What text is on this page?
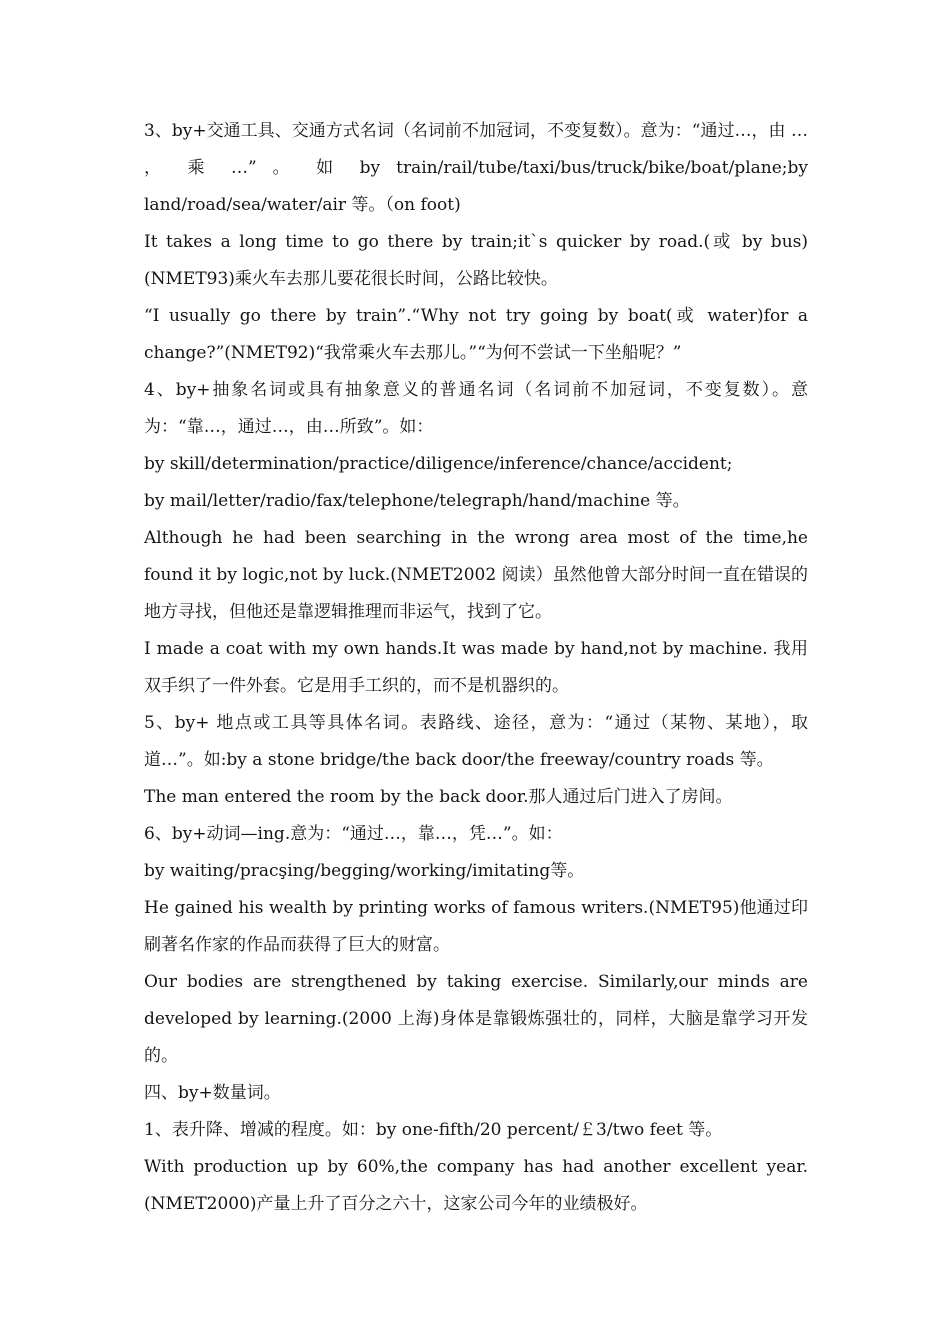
3、by+交通工具、交通方式名词（名词前不加冠词，不变复数）。意为：“通过…，由 … ， 乘 …” 。 如 by train/rail/tube/taxi/bus/truck/bike/boat/plane;by land/road/sea/water/air 等。（on foot)

It takes a long time to go there by train;it`s quicker by road.(或 by bus)(NMET93)乘火车去那儿要花很长时间，公路比较快。

“I usually go there by train”.“Why not try going by boat(或 water)for a change?”(NMET92)“我常乘火车去那儿。”“为何不尝试一下坐船呢？”

4、by+抽象名词或具有抽象意义的普通名词（名词前不加冠词，不变复数）。意为：“靠…，通过…，由…所致”。如：

by skill/determination/practice/diligence/inference/chance/accident;

by mail/letter/radio/fax/telephone/telegraph/hand/machine 等。

Although he had been searching in the wrong area most of the time,he found it by logic,not by luck.(NMET2002 阅读）虽然他曾大部分时间一直在错误的地方寻找，但他还是靠逻辑推理而非运气，找到了它。

I made a coat with my own hands.It was made by hand,not by machine. 我用双手织了一件外套。它是用手工织的，而不是机器织的。

5、by+ 地点或工具等具体名词。表路线、途径，意为：“通过（某物、某地），取道…”。如:by a stone bridge/the back door/the freeway/country roads 等。

The man entered the room by the back door.那人通过后门进入了房间。

6、by+动词—ing.意为：“通过…，靠…，凭…”。如：

by waiting/pracşing/begging/working/imitating等。

He gained his wealth by printing works of famous writers.(NMET95)他通过印刷著名作家的作品而获得了巨大的财富。

Our bodies are strengthened by taking exercise. Similarly,our minds are developed by learning.(2000 上海)身体是靠锻炼强壮的，同样，大脑是靠学习开发的。

四、by+数量词。

1、表升降、增减的程度。如：by one-fifth/20 percent/￡3/two feet 等。

With production up by 60%,the company has had another excellent year.(NMET2000)产量上升了百分之六十，这家公司今年的业绩极好。
